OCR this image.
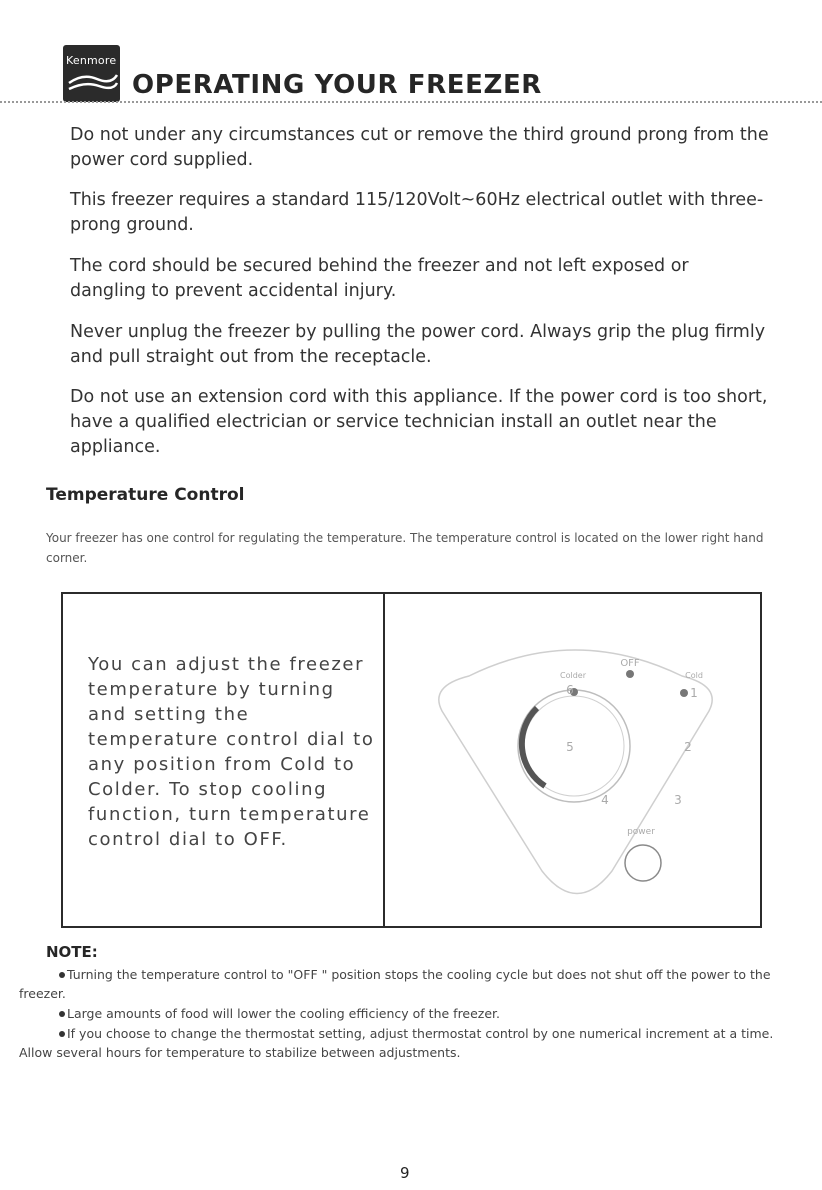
Kenmore
OPERATING YOUR FREEZER

Do not under any circumstances cut or remove the third ground prong from the power cord supplied.

This freezer requires a standard 115/120Volt~60Hz electrical outlet with three-prong ground.

The cord should be secured behind the freezer and not left exposed or dangling to prevent accidental injury.

Never unplug the freezer by pulling the power cord. Always grip the plug firmly and pull straight out from the receptacle.

Do not use an extension cord with this appliance. If the power cord is too short, have a qualified electrician or service technician install an outlet near the appliance.

Temperature Control

Your freezer has one control for regulating the temperature. The temperature control is located on the lower right hand corner.

You can adjust the freezer temperature by turning and setting the temperature control dial to any position from Cold to Colder. To stop cooling function, turn temperature control dial to OFF.

OFF
Colder	Cold
6	1
5	2
4	3
power
NOTE:
Turning the temperature control to "OFF " position stops the cooling cycle but does not shut off the power to the freezer.
Large amounts of food will lower the cooling efficiency of the freezer.
If you choose to change the thermostat setting, adjust thermostat control by one numerical increment at a time. Allow several hours for temperature to stabilize between adjustments.
9
